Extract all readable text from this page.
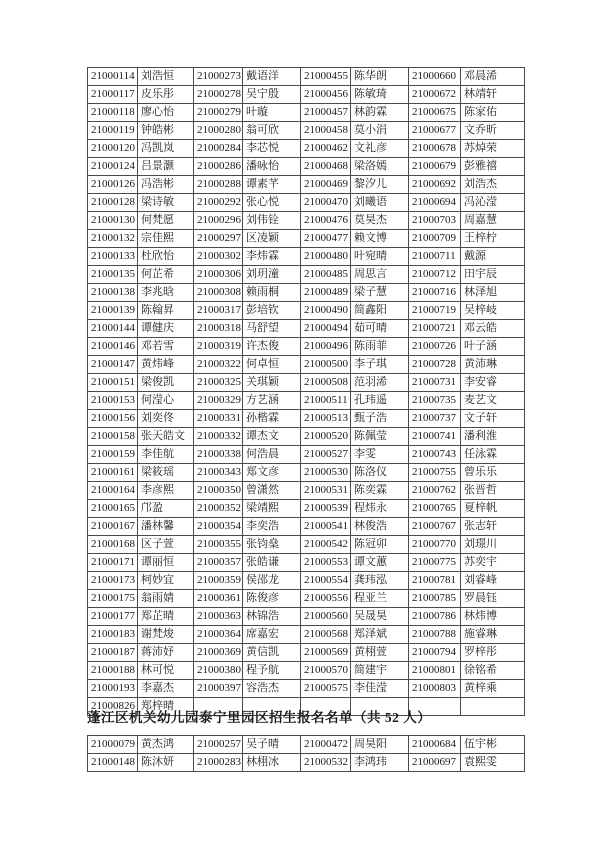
21000114	刘浩恒	21000273	戴语洋	21000455	陈华朗	21000660	邓晨浠
21000117	皮乐彤	21000278	吴宁殷	21000456	陈敏琦	21000672	林靖轩
21000118	廖心怡	21000279	叶璇	21000457	林韵霖	21000675	陈家佑
21000119	钟皓彬	21000280	翁可欣	21000458	莫小涓	21000677	文乔昕
21000120	冯凯岚	21000284	李芯悦	21000462	文礼彦	21000678	苏焯荣
21000124	吕景灏	21000286	潘咏怡	21000468	梁洛嫣	21000679	彭雅禧
21000126	冯浩彬	21000288	谭素芊	21000469	黎汐儿	21000692	刘浩杰
21000128	梁诗敏	21000292	张心悦	21000470	刘曦语	21000694	冯沁滢
21000130	何梵愿	21000296	刘伟铨	21000476	莫昊杰	21000703	周嘉慧
21000132	宗佳熙	21000297	区凌颖	21000477	赖文博	21000709	王梓柠
21000133	杜欣怡	21000302	李炜霖	21000480	叶宛晴	21000711	戴源
21000135	何芷希	21000306	刘玥潼	21000485	周思言	21000712	田宇辰
21000138	李兆晗	21000308	赖雨桐	21000489	梁子慧	21000716	林泽旭
21000139	陈翰昇	21000317	彭培钦	21000490	简鑫阳	21000719	吴梓岐
21000144	谭健庆	21000318	马舒望	21000494	茹可晴	21000721	邓云皓
21000146	邓若雪	21000319	许杰俊	21000496	陈雨菲	21000726	叶子涵
21000147	黄炜峰	21000322	何卓恒	21000500	李子琪	21000728	黄沛琳
21000151	梁俊凯	21000325	关琪颖	21000508	范羽浠	21000731	李安睿
21000153	何滢心	21000329	方艺涵	21000511	孔玮遥	21000735	麦艺文
21000156	刘奕佟	21000331	孙楷霖	21000513	甄子浩	21000737	文子轩
21000158	张天皓文	21000332	谭杰文	21000520	陈佩莹	21000741	潘利淮
21000159	李佳航	21000338	何浩晨	21000527	李雯	21000743	任泳霖
21000161	梁筱瑶	21000343	郑文彦	21000530	陈洛仪	21000755	曾乐乐
21000164	李彦熙	21000350	曾潇然	21000531	陈奕霖	21000762	张晋哲
21000165	邝盈	21000352	梁靖熙	21000539	程炜永	21000765	夏梓帆
21000167	潘林馨	21000354	李奕浩	21000541	林俊浩	21000767	张志轩
21000168	区子萱	21000355	张钧燊	21000542	陈冠卯	21000770	刘璟川
21000171	谭丽恒	21000357	张皓谦	21000553	谭文蕙	21000775	苏奕宇
21000173	柯妙宜	21000359	侯邵龙	21000554	龚玮泓	21000781	刘睿峰
21000175	翁雨婧	21000361	陈俊彦	21000556	程亚兰	21000785	罗晨钰
21000177	郑芷晴	21000363	林锦浩	21000560	吴晟昊	21000786	林炜博
21000183	谢梵焌	21000364	席嘉宏	21000568	郑泽斌	21000788	施睿琳
21000187	蒋沛妤	21000369	黄信凯	21000569	黄栩萱	21000794	罗梓彤
21000188	林可悦	21000380	程予航	21000570	简建宇	21000801	徐铭希
21000193	李嘉杰	21000397	容浩杰	21000575	李佳滢	21000803	黄梓乘
21000826	郑梓晴						
蓬江区机关幼儿园泰宁里园区招生报名名单（共 52 人）
21000079	黄杰鸿	21000257	吴子晴	21000472	周昊阳	21000684	伍宇彬
21000148	陈沐妍	21000283	林栩冰	21000532	李鸿玮	21000697	袁熙雯
